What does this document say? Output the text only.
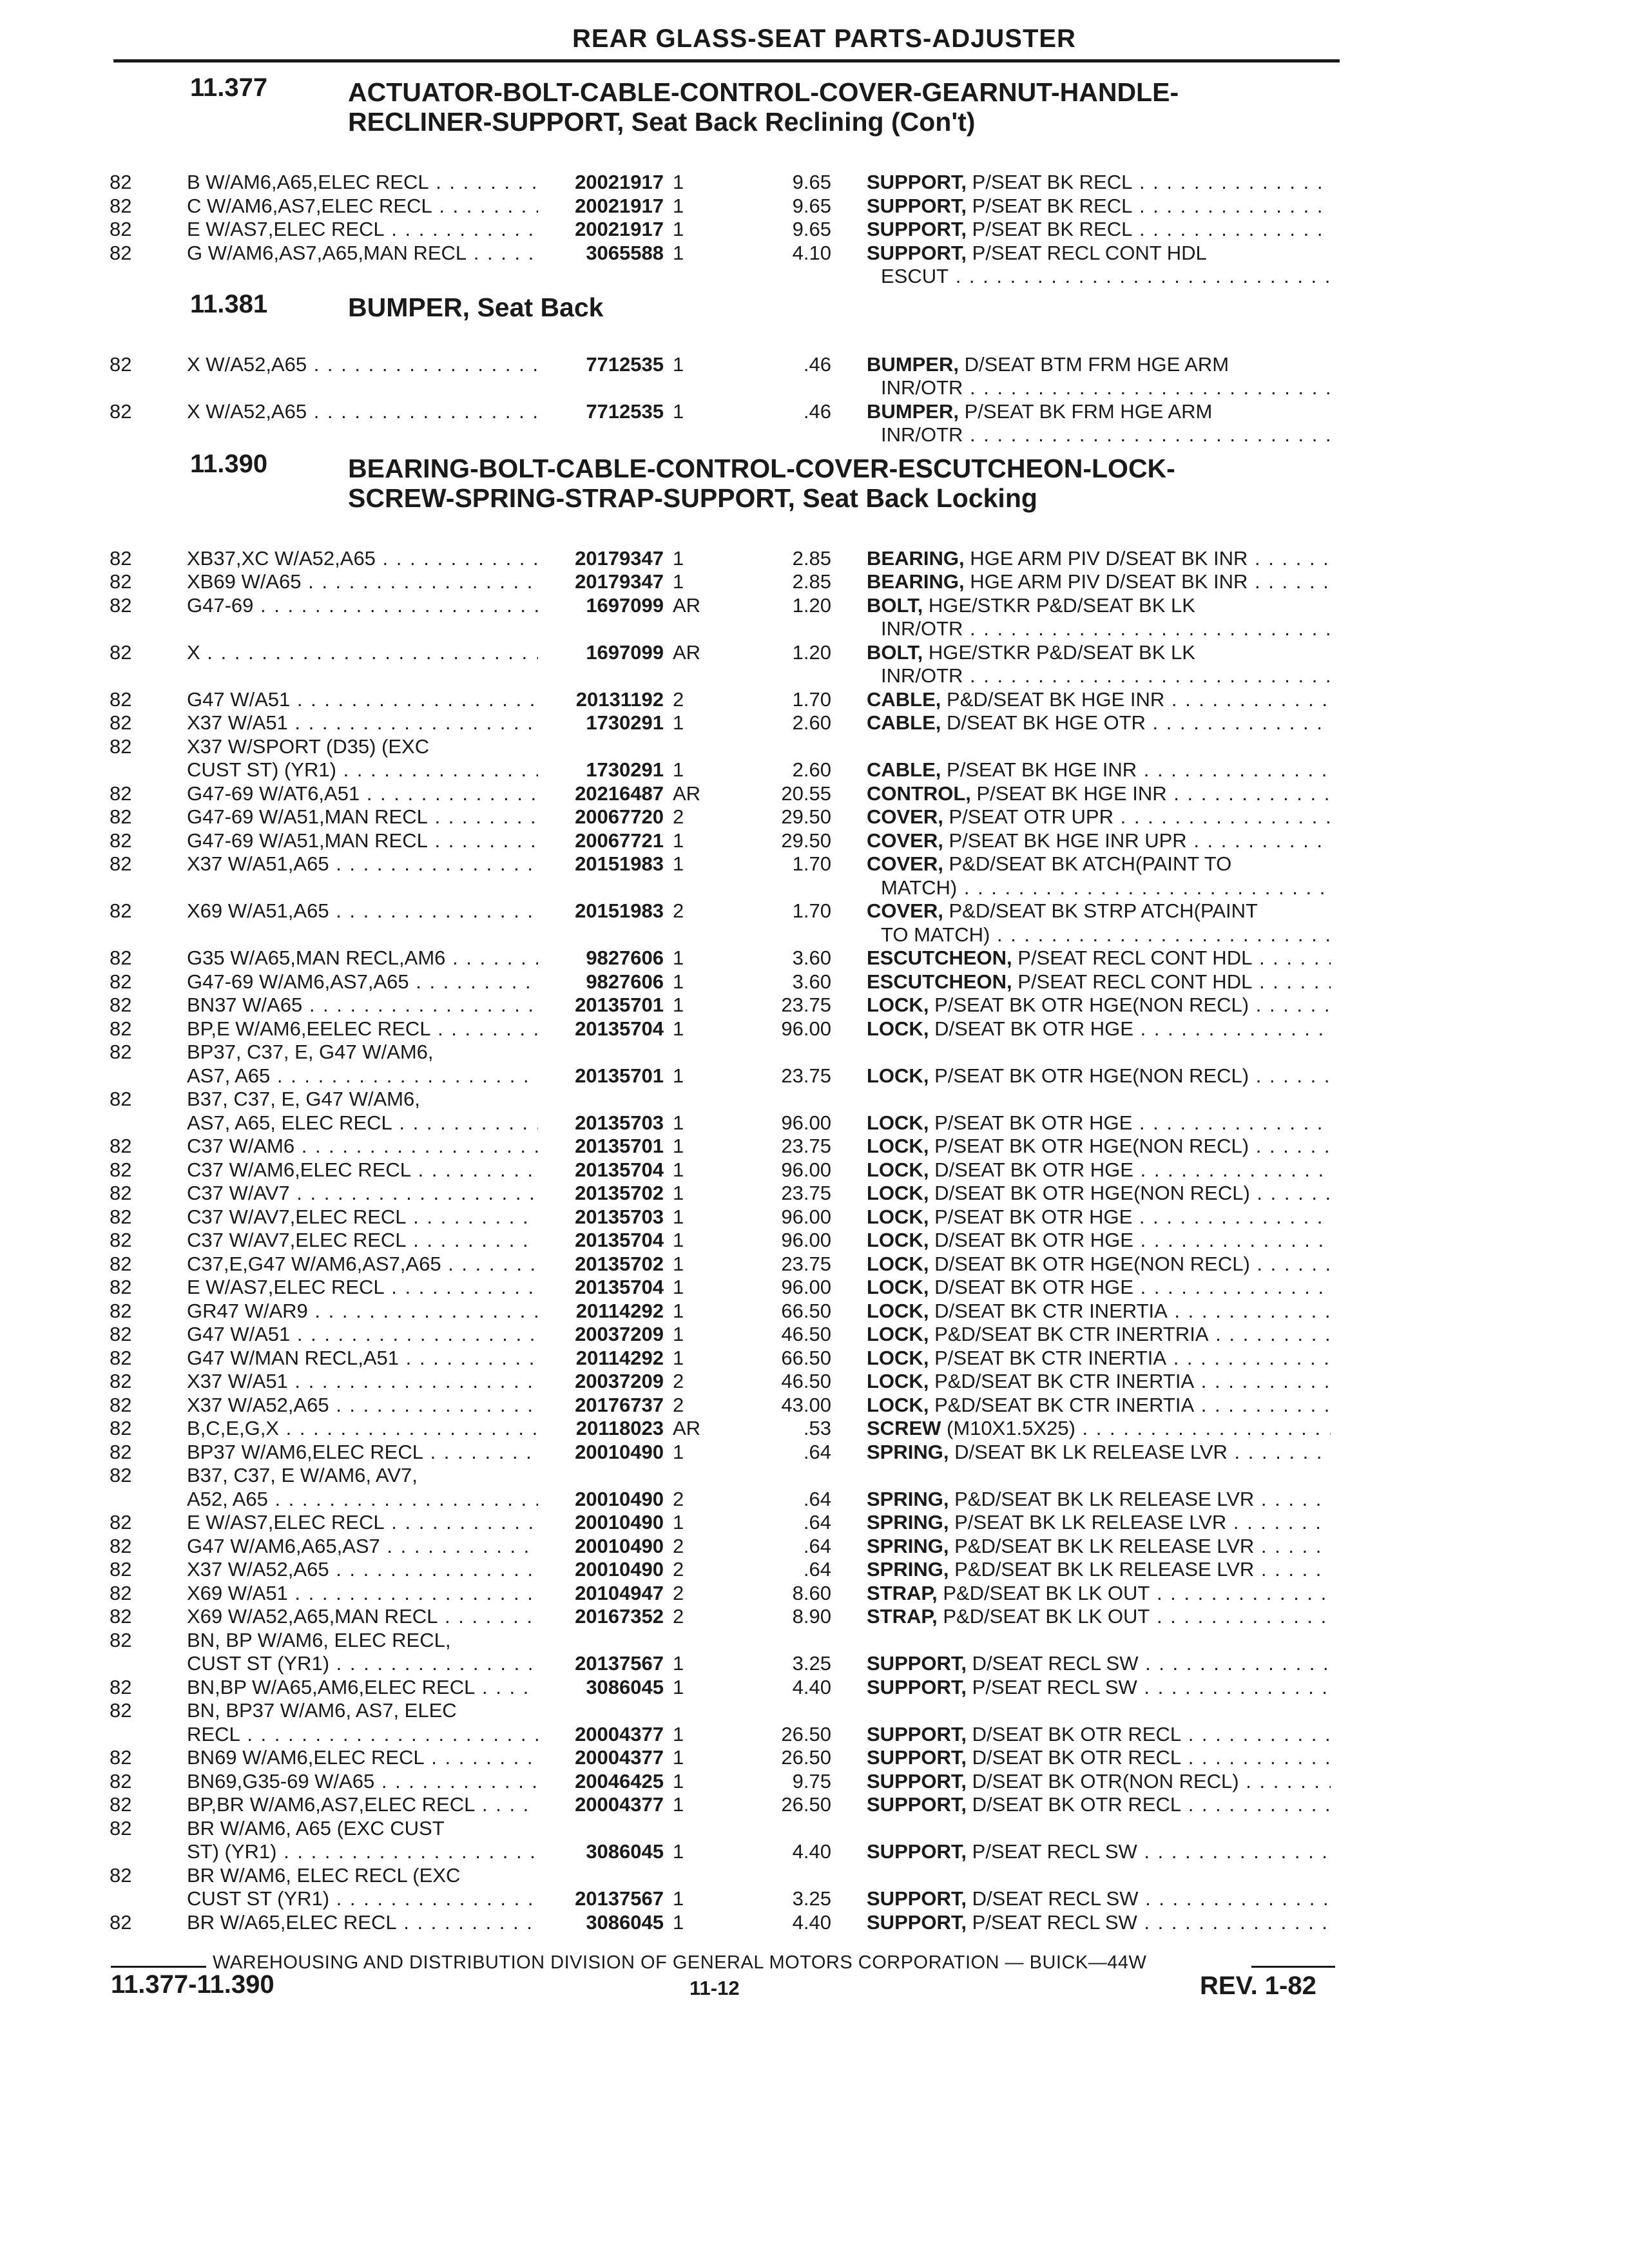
REAR GLASS-SEAT PARTS-ADJUSTER
11.377	ACTUATOR-BOLT-CABLE-CONTROL-COVER-GEARNUT-HANDLE-
RECLINER-SUPPORT, Seat Back Reclining (Con't)
82	B W/AM6,A65,ELEC RECL . . .	20021917 1	9.65 SUPPORT, P/SEAT BK RECL . . .
82	C W/AM6,AS7,ELEC RECL . . .	20021917 1	9.65 SUPPORT, P/SEAT BK RECL . . .
82	E W/AS7,ELEC RECL . . .	20021917 1	9.65 SUPPORT, P/SEAT BK RECL . . .
82	G W/AM6,AS7,A65,MAN RECL . . .	3065588 1	4.10 SUPPORT, P/SEAT RECL CONT HDL
ESCUT . . .
11.381	BUMPER, Seat Back
82	X W/A52,A65 . . .	7712535 1	.46 BUMPER, D/SEAT BTM FRM HGE ARM
INR/OTR . . .
82	X W/A52,A65 . . .	7712535 1	.46 BUMPER, P/SEAT BK FRM HGE ARM
INR/OTR . . .
11.390	BEARING-BOLT-CABLE-CONTROL-COVER-ESCUTCHEON-LOCK-
SCREW-SPRING-STRAP-SUPPORT, Seat Back Locking
82	XB37,XC W/A52,A65 . . .	20179347 1	2.85 BEARING, HGE ARM PIV D/SEAT BK INR . . .
82	XB69 W/A65 . . .	20179347 1	2.85 BEARING, HGE ARM PIV D/SEAT BK INR . . .
82	G47-69 . . .	1697099 AR	1.20 BOLT, HGE/STKR P&D/SEAT BK LK
INR/OTR . . .
82	X . . .	1697099 AR	1.20 BOLT, HGE/STKR P&D/SEAT BK LK
INR/OTR . . .
82	G47 W/A51 . . .	20131192 2	1.70 CABLE, P&D/SEAT BK HGE INR . . .
82	X37 W/A51 . . .	1730291 1	2.60 CABLE, D/SEAT BK HGE OTR . . .
82	X37 W/SPORT (D35) (EXC
CUST ST) (YR1) . . .	1730291 1	2.60 CABLE, P/SEAT BK HGE INR . . .
82	G47-69 W/AT6,A51 . . .	20216487 AR	20.55 CONTROL, P/SEAT BK HGE INR . . .
82	G47-69 W/A51,MAN RECL . . .	20067720 2	29.50 COVER, P/SEAT OTR UPR . . .
82	G47-69 W/A51,MAN RECL . . .	20067721 1	29.50 COVER, P/SEAT BK HGE INR UPR . . .
82	X37 W/A51,A65 . . .	20151983 1	1.70 COVER, P&D/SEAT BK ATCH(PAINT TO
MATCH) . . .
82	X69 W/A51,A65 . . .	20151983 2	1.70 COVER, P&D/SEAT BK STRP ATCH(PAINT
TO MATCH) . . .
82	G35 W/A65,MAN RECL,AM6 . . .	9827606 1	3.60 ESCUTCHEON, P/SEAT RECL CONT HDL . . .
82	G47-69 W/AM6,AS7,A65 . . .	9827606 1	3.60 ESCUTCHEON, P/SEAT RECL CONT HDL . . .
82	BN37 W/A65 . . .	20135701 1	23.75 LOCK, P/SEAT BK OTR HGE(NON RECL) . . .
82	BP,E W/AM6,EELEC RECL . . .	20135704 1	96.00 LOCK, D/SEAT BK OTR HGE . . .
82	BP37, C37, E, G47 W/AM6,
AS7, A65 . . .	20135701 1	23.75 LOCK, P/SEAT BK OTR HGE(NON RECL) . . .
82	B37, C37, E, G47 W/AM6,
AS7, A65, ELEC RECL . . .	20135703 1	96.00 LOCK, P/SEAT BK OTR HGE . . .
82	C37 W/AM6 . . .	20135701 1	23.75 LOCK, P/SEAT BK OTR HGE(NON RECL) . . .
82	C37 W/AM6,ELEC RECL . . .	20135704 1	96.00 LOCK, D/SEAT BK OTR HGE . . .
82	C37 W/AV7 . . .	20135702 1	23.75 LOCK, D/SEAT BK OTR HGE(NON RECL) . . .
82	C37 W/AV7,ELEC RECL . . .	20135703 1	96.00 LOCK, P/SEAT BK OTR HGE . . .
82	C37 W/AV7,ELEC RECL . . .	20135704 1	96.00 LOCK, D/SEAT BK OTR HGE . . .
82	C37,E,G47 W/AM6,AS7,A65 . . .	20135702 1	23.75 LOCK, D/SEAT BK OTR HGE(NON RECL) . . .
82	E W/AS7,ELEC RECL . . .	20135704 1	96.00 LOCK, D/SEAT BK OTR HGE . . .
82	GR47 W/AR9 . . .	20114292 1	66.50 LOCK, D/SEAT BK CTR INERTIA . . .
82	G47 W/A51 . . .	20037209 1	46.50 LOCK, P&D/SEAT BK CTR INERTRIA . . .
82	G47 W/MAN RECL,A51 . . .	20114292 1	66.50 LOCK, P/SEAT BK CTR INERTIA . . .
82	X37 W/A51 . . .	20037209 2	46.50 LOCK, P&D/SEAT BK CTR INERTIA . . .
82	X37 W/A52,A65 . . .	20176737 2	43.00 LOCK, P&D/SEAT BK CTR INERTIA . . .
82	B,C,E,G,X . . .	20118023 AR	.53 SCREW (M10X1.5X25) . . .
82	BP37 W/AM6,ELEC RECL . . .	20010490 1	.64 SPRING, D/SEAT BK LK RELEASE LVR . . .
82	B37, C37, E W/AM6, AV7,
A52, A65 . . .	20010490 2	.64 SPRING, P&D/SEAT BK LK RELEASE LVR . . .
82	E W/AS7,ELEC RECL . . .	20010490 1	.64 SPRING, P/SEAT BK LK RELEASE LVR . . .
82	G47 W/AM6,A65,AS7 . . .	20010490 2	.64 SPRING, P&D/SEAT BK LK RELEASE LVR . . .
82	X37 W/A52,A65 . . .	20010490 2	.64 SPRING, P&D/SEAT BK LK RELEASE LVR . . .
82	X69 W/A51 . . .	20104947 2	8.60 STRAP, P&D/SEAT BK LK OUT . . .
82	X69 W/A52,A65,MAN RECL . . .	20167352 2	8.90 STRAP, P&D/SEAT BK LK OUT . . .
82	BN, BP W/AM6, ELEC RECL,
CUST ST (YR1) . . .	20137567 1	3.25 SUPPORT, D/SEAT RECL SW . . .
82	BN,BP W/A65,AM6,ELEC RECL . . .	3086045 1	4.40 SUPPORT, P/SEAT RECL SW . . .
82	BN, BP37 W/AM6, AS7, ELEC
RECL . . .	20004377 1	26.50 SUPPORT, D/SEAT BK OTR RECL . . .
82	BN69 W/AM6,ELEC RECL . . .	20004377 1	26.50 SUPPORT, D/SEAT BK OTR RECL . . .
82	BN69,G35-69 W/A65 . . .	20046425 1	9.75 SUPPORT, D/SEAT BK OTR(NON RECL) . . .
82	BP,BR W/AM6,AS7,ELEC RECL . . .	20004377 1	26.50 SUPPORT, D/SEAT BK OTR RECL . . .
82	BR W/AM6, A65 (EXC CUST
ST) (YR1) . . .	3086045 1	4.40 SUPPORT, P/SEAT RECL SW . . .
82	BR W/AM6, ELEC RECL (EXC
CUST ST (YR1) . . .	20137567 1	3.25 SUPPORT, D/SEAT RECL SW . . .
82	BR W/A65,ELEC RECL . . .	3086045 1	4.40 SUPPORT, P/SEAT RECL SW . . .
WAREHOUSING AND DISTRIBUTION DIVISION OF GENERAL MOTORS CORPORATION — BUICK—44W
11.377-11.390	11-12	REV. 1-82
